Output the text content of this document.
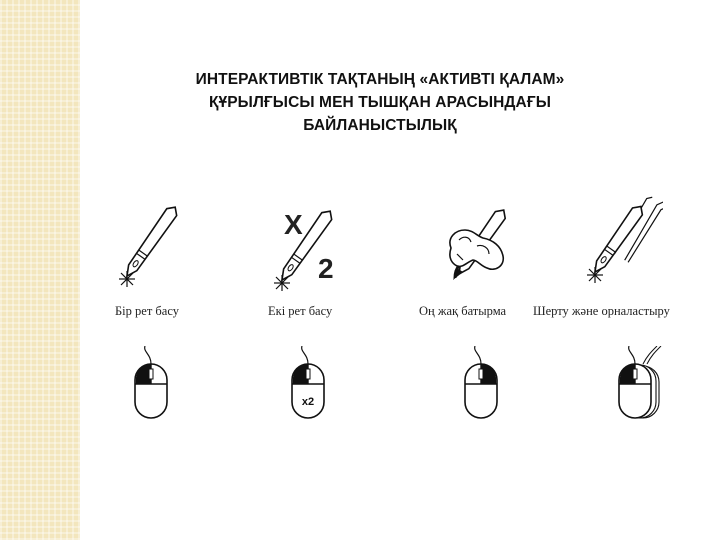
ИНТЕРАКТИВТІК ТАҚТАНЫҢ «АКТИВТІ ҚАЛАМ»
ҚҰРЫЛҒЫСЫ МЕН ТЫШҚАН АРАСЫНДАҒЫ
БАЙЛАНЫСТЫЛЫҚ
Бір рет басу
X
2
Екі рет басу
x2
Оң жақ батырма Шерту және орналастыру
